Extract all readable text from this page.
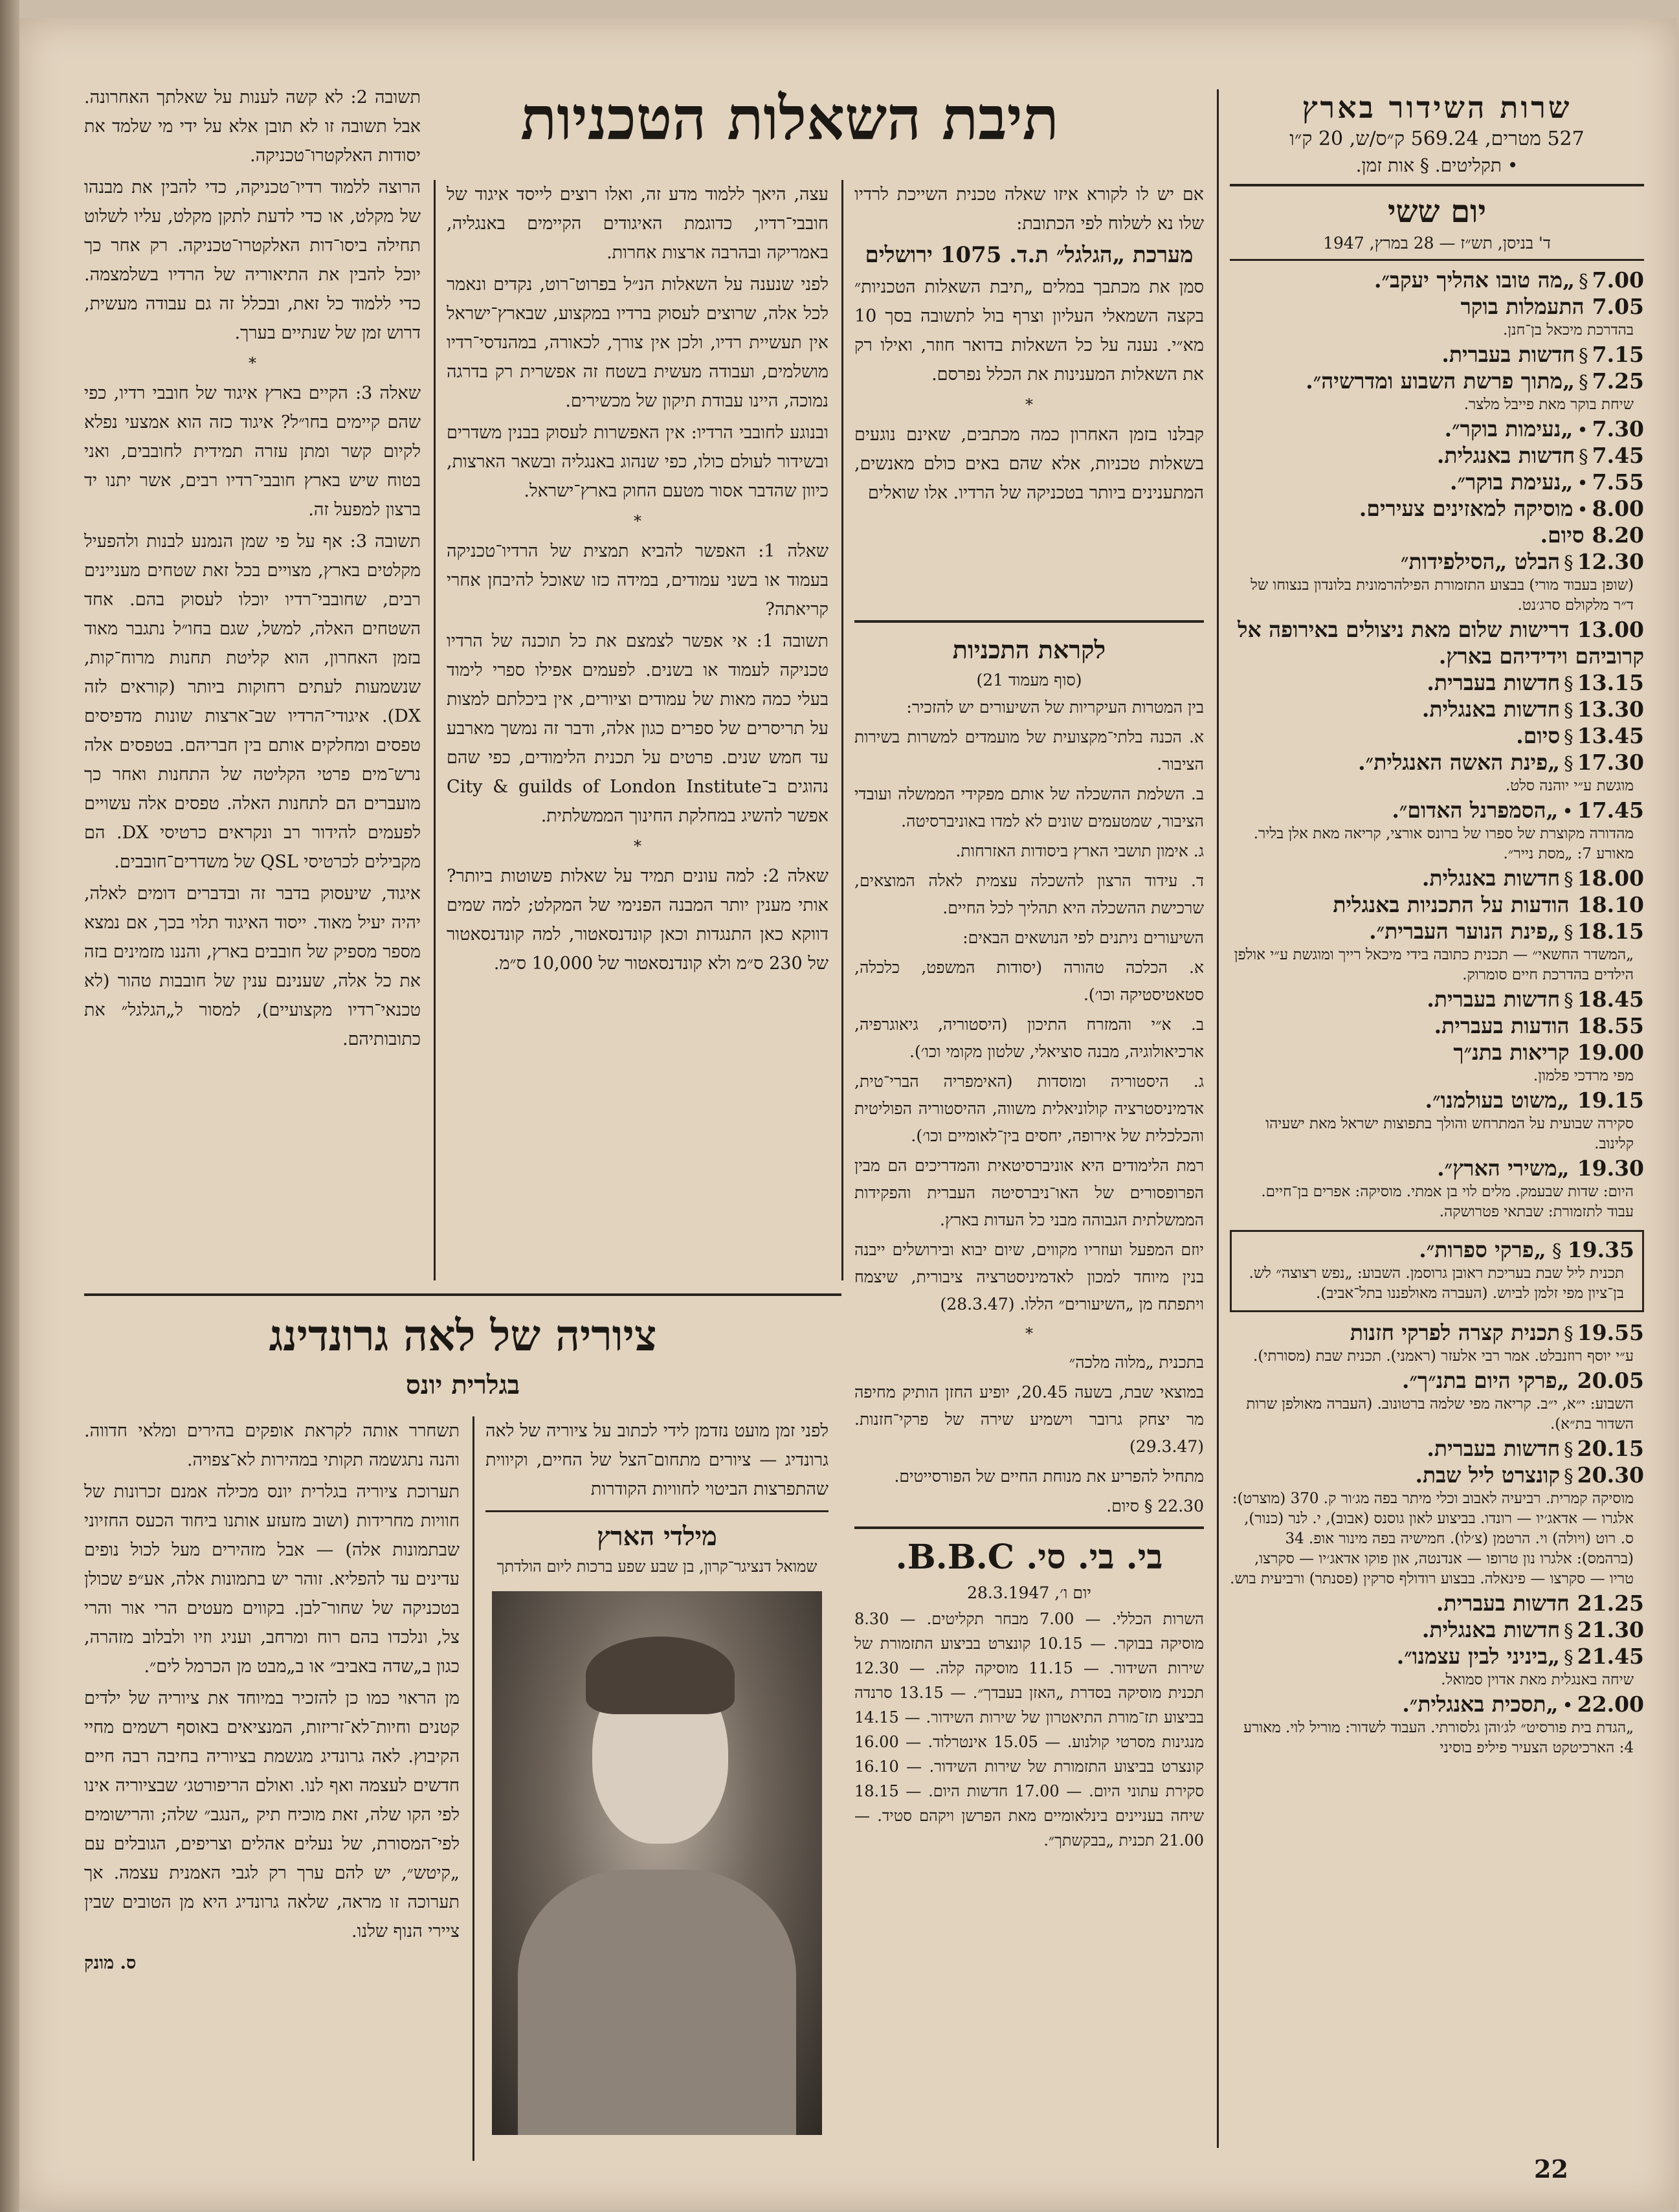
שרות השידור בארץ
527 מטרים, 569.24 ק״ס/ש, 20 ק״ו
• תקליטים. § אות זמן.
יום ששי
ד' בניסן, תש״ז — 28 במרץ, 1947

7.00§„מה טובו אהליך יעקב״.

7.05התעמלות בוקר

בהדרכת מיכאל בן־חנן.

7.15§חדשות בעברית.

7.25§„מתוך פרשת השבוע ומדרשיה״.

שיחת בוקר מאת פייבל מלצר.

7.30•„נעימות בוקר״.

7.45§חדשות באנגלית.

7.55•„נעימת בוקר״.

8.00•מוסיקה למאזינים צעירים.

8.20סיום.

12.30§הבלט „הסילפידות״

(שופן בעבוד מורי) בבצוע התזמורת הפילהרמונית בלונדון בנצוחו של ד״ר מלקולם סרג׳נט.

13.00דרישות שלום מאת ניצולים באירופה אל קרוביהם וידידיהם בארץ.

13.15§חדשות בעברית.

13.30§חדשות באנגלית.

13.45§סיום.

17.30§„פינת האשה האנגלית״.

מוגשת ע״י יוהנה סלט.

17.45•„הסמפרנל האדום״.

מהדורה מקוצרת של ספרו של ברונס אורצי, קריאה מאת אלן בליר. מאורע 7: „מסת נייר״.

18.00§חדשות באנגלית.

18.10הודעות על התכניות באנגלית

18.15§„פינת הנוער העברית״.

„המשדר החשאי״ — תכנית כתובה בידי מיכאל רייך ומוגשת ע״י אולפן הילדים בהדרכת חיים סומרוק.

18.45§חדשות בעברית.

18.55הודעות בעברית.

19.00קריאות בתנ״ך

מפי מרדכי פלמון.

19.15„משוט בעולמנו״.

סקירה שבועית על המתרחש והולך בתפוצות ישראל מאת ישעיהו קלינוב.

19.30„משירי הארץ״.

היום: שדות שבעמק. מלים לוי בן אמתי. מוסיקה: אפרים בן־חיים. עבוד לתזמורת: שבתאי פטרושקה.

19.35 § „פרקי ספרות״.

תכנית ליל שבת בעריכת ראובן גרוסמן. השבוע: „נפש רצוצה״ לש. בן־ציון מפי זלמן לביוש. (העברה מאולפננו בתל־אביב).

19.55§תכנית קצרה לפרקי חזנות

ע״י יוסף רוזנבלט. אמר רבי אלעזר (ראמני). תכנית שבת (מסורתי).

20.05„פרקי היום בתנ״ך״.

השבוע: י״א, י״ב. קריאה מפי שלמה ברטונוב. (העברה מאולפן שרות השדור בת״א).

20.15§חדשות בעברית.

20.30§קונצרט ליל שבת.

מוסיקה קמרית. רביעיה לאבוב וכלי מיתר בפה מג׳ור ק. 370 (מוצרט): אלגרו — אדאג׳יו — רונדו. בביצוע לאון גוסנס (אבוב), י. לנר (כנור), ס. רוט (ויולה) וי. הרטמן (צ׳לו). חמישיה בפה מינור אופ. 34 (ברהמס): אלגרו נון טרופו — אנדנטה, און פוקו אדאג׳יו — סקרצו, טריו — סקרצו — פינאלה. בבצוע רודולף סרקין (פסנתר) ורביעית בוש.

21.25חדשות בעברית.

21.30§חדשות באנגלית.

21.45§„ביניני לבין עצמנו״.

שיחה באנגלית מאת אדוין סמואל.

22.00•„תסכית באנגלית״.

„הגדת בית פורסיט״ לג׳והן גלסורתי. העבוד לשדור: מוריל לוי. מאורע 4: הארכיטקט הצעיר פיליפ בוסיני

תיבת השאלות הטכניות

אם יש לו לקורא איזו שאלה טכנית השייכת לרדיו שלו נא לשלוח לפי הכתובת:

מערכת „הגלגל״ ת.ד. 1075 ירושלים

סמן את מכתבך במלים „תיבת השאלות הטכניות״ בקצה השמאלי העליון וצרף בול לתשובה בסך 10 מא״י. נענה על כל השאלות בדואר חוזר, ואילו רק את השאלות המענינות את הכלל נפרסם.

*

קבלנו בזמן האחרון כמה מכתבים, שאינם נוגעים בשאלות טכניות, אלא שהם באים כולם מאנשים, המתענינים ביותר בטכניקה של הרדיו. אלו שואלים

עצה, היאך ללמוד מדע זה, ואלו רוצים לייסד איגוד של חובבי־רדיו, כדוגמת האיגודים הקיימים באנגליה, באמריקה ובהרבה ארצות אחרות.

לפני שנענה על השאלות הנ״ל בפרוט־רוט, נקדים ונאמר לכל אלה, שרוצים לעסוק ברדיו במקצוע, שבארץ־ישראל אין תעשיית רדיו, ולכן אין צורך, לכאורה, במהנדסי־רדיו מושלמים, ועבודה מעשית בשטח זה אפשרית רק בדרגה נמוכה, היינו עבודת תיקון של מכשירים.

ובנוגע לחובבי הרדיו: אין האפשרות לעסוק בבנין משדרים ובשידור לעולם כולו, כפי שנהוג באנגליה ובשאר הארצות, כיוון שהדבר אסור מטעם החוק בארץ־ישראל.

*

שאלה 1: האפשר להביא תמצית של הרדיו־טכניקה בעמוד או בשני עמודים, במידה כזו שאוכל להיבחן אחרי קריאתה?

תשובה 1: אי אפשר לצמצם את כל תוכנה של הרדיו טכניקה לעמוד או בשנים. לפעמים אפילו ספרי לימוד בעלי כמה מאות של עמודים וציורים, אין ביכלתם למצות על תריסרים של ספרים כגון אלה, ודבר זה נמשך מארבע עד חמש שנים. פרטים על תכנית הלימודים, כפי שהם נהוגים ב־City & guilds of London Institute אפשר להשיג במחלקת החינוך הממשלתית.

*

שאלה 2: למה עונים תמיד על שאלות פשוטות ביותר? אותי מענין יותר המבנה הפנימי של המקלט; למה שמים דווקא כאן התנגדות וכאן קונדנסאטור, למה קונדנסאטור של 230 ס״מ ולא קונדנסאטור של 10,000 ס״מ.

תשובה 2: לא קשה לענות על שאלתך האחרונה. אבל תשובה זו לא תובן אלא על ידי מי שלמד את יסודות האלקטרו־טכניקה.

הרוצה ללמוד רדיו־טכניקה, כדי להבין את מבנהו של מקלט, או כדי לדעת לתקן מקלט, עליו לשלוט תחילה ביסו־דות האלקטרו־טכניקה. רק אחר כך יוכל להבין את התיאוריה של הרדיו בשלמצמה. כדי ללמוד כל זאת, ובכלל זה גם עבודה מעשית, דרוש זמן של שנתיים בערך.

*

שאלה 3: הקיים בארץ איגוד של חובבי רדיו, כפי שהם קיימים בחו״ל? איגוד כזה הוא אמצעי נפלא לקיום קשר ומתן עזרה תמידית לחובבים, ואני בטוח שיש בארץ חובבי־רדיו רבים, אשר יתנו יד ברצון למפעל זה.

תשובה 3: אף על פי שמן הנמנע לבנות ולהפעיל מקלטים בארץ, מצויים בכל זאת שטחים מעניינים רבים, שחובבי־רדיו יוכלו לעסוק בהם. אחד השטחים האלה, למשל, שגם בחו״ל נתגבר מאוד בזמן האחרון, הוא קליטת תחנות מרוח־קות, שנשמעות לעתים רחוקות ביותר (קוראים לזה DX). איגודי־הרדיו שב־ארצות שונות מדפיסים טפסים ומחלקים אותם בין חבריהם. בטפסים אלה נרש־מים פרטי הקליטה של התחנות ואחר כך מועברים הם לתחנות האלה. טפסים אלה עשויים לפעמים להידור רב ונקראים כרטיסי DX. הם מקבילים לכרטיסי QSL של משדרים־חובבים.

איגוד, שיעסוק בדבר זה ובדברים דומים לאלה, יהיה יעיל מאוד. ייסוד האיגוד תלוי בכך, אם נמצא מספר מספיק של חובבים בארץ, והננו מזמינים בזה את כל אלה, שענינם ענין של חובבות טהור (לא טכנאי־רדיו מקצועיים), למסור ל„הגלגל״ את כתובותיהם.

לקראת התכניות
(סוף מעמוד 21)

בין המטרות העיקריות של השיעורים יש להזכיר:

א. הכנה בלתי־מקצועית של מועמדים למשרות בשירות הציבור.

ב. השלמת ההשכלה של אותם מפקידי הממשלה ועובדי הציבור, שמטעמים שונים לא למדו באוניברסיטה.

ג. אימון תושבי הארץ ביסודות האזרחות.

ד. עידוד הרצון להשכלה עצמית לאלה המוצאים, שרכישת ההשכלה היא תהליך לכל החיים.

השיעורים ניתנים לפי הנושאים הבאים:

א. הכלכה טהורה (יסודות המשפט, כלכלה, סטאטיסטיקה וכו׳).

ב. א״י והמזרח התיכון (היסטוריה, גיאוגרפיה, ארכיאולוגיה, מבנה סוציאלי, שלטון מקומי וכו׳).

ג. היסטוריה ומוסדות (האימפריה הברי־טית, אדמיניסטרציה קולוניאלית משווה, ההיסטוריה הפוליטית והכלכלית של אירופה, יחסים בין־לאומיים וכו׳).

רמת הלימודים היא אוניברסיטאית והמדריכים הם מבין הפרופסורים של האו־ניברסיטה העברית והפקידות הממשלתית הגבוהה מבני כל העדות בארץ.

יוזם המפעל ועוזריו מקווים, שיום יבוא ובירושלים ייבנה בנין מיוחד למכון לאדמיניסטרציה ציבורית, שיצמח ויתפתח מן „השיעורים״ הללו. (28.3.47)

*

בתכנית „מלוה מלכה״

במוצאי שבת, בשעה 20.45, יופיע החזן הותיק מחיפה מר יצחק גרובר וישמיע שירה של פרקי־חזנות. (29.3.47)

מתחיל להפריע את מנוחת החיים של הפורסייטים.

22.30 § סיום.

בי. בי. סי. B.B.C.
יום ו׳, 28.3.1947

השרות הכללי. — 7.00 מבחר תקליטים. — 8.30 מוסיקה בבוקר. — 10.15 קונצרט בביצוע התזמורת של שירות השידור. — 11.15 מוסיקה קלה. — 12.30 תכנית מוסיקה בסדרת „האזן בעבדך״. — 13.15 סרנדה בביצוע תז־מורת התיאטרון של שירות השידור. — 14.15 מנגינות מסרטי קולנוע. — 15.05 אינטרלוד. — 16.00 קונצרט בביצוע התזמורת של שירות השידור. — 16.10 סקירת עתוני היום. — 17.00 חדשות היום. — 18.15 שיחה בעניינים בינלאומיים מאת הפרשן ויקהם סטיד. — 21.00 תכנית „בבקשתך״.

ציוריה של לאה גרונדינג
בגלרית יונס

לפני זמן מועט נזדמן לידי לכתוב על ציוריה של לאה גרונדיג — ציורים מתחום־הצל של החיים, וקיווית שהתפרצות הביטוי לחוויות הקודרות

מילדי הארץ
שמואל דנציגר־קרון, בן שבע שפע ברכות ליום הולדתך

תשחרר אותה לקראת אופקים בהירים ומלאי חדווה. והנה נתגשמה תקותי במהירות לא־צפויה.

תערוכת ציוריה בגלרית יונס מכילה אמנם זכרונות של חוויות מחרידות (ושוב מזעזע אותנו ביחוד הכעס החזיוני שבתמונות אלה) — אבל מזהירים מעל לכול נופים עדינים עד להפליא. זוהר יש בתמונות אלה, אע״פ שכולן בטכניקה של שחור־לבן. בקווים מעטים הרי אור והרי צל, ונלכדו בהם רוח ומרחב, ועניג וזיו ולבלוב מזהרה, כגון ב„שדה באביב״ או ב„מבט מן הכרמל לים״.

מן הראוי כמו כן להזכיר במיוחד את ציוריה של ילדים קטנים וחיות־לא־זריזות, המנציאים באוסף רשמים מחיי הקיבוץ. לאה גרונדיג מגשמת בציוריה בחיבה רבה חיים חדשים לעצמה ואף לנו. ואולם הריפורטג׳ שבציוריה אינו לפי הקו שלה, זאת מוכיח תיק „הנגב״ שלה; והרישומים לפי־המסורת, של נעלים אהלים וצריפים, הגובלים עם „קיטש״, יש להם ערך רק לגבי האמנית עצמה. אך תערוכה זו מראה, שלאה גרונדיג היא מן הטובים שבין ציירי הנוף שלנו.

ס. מונק

22
